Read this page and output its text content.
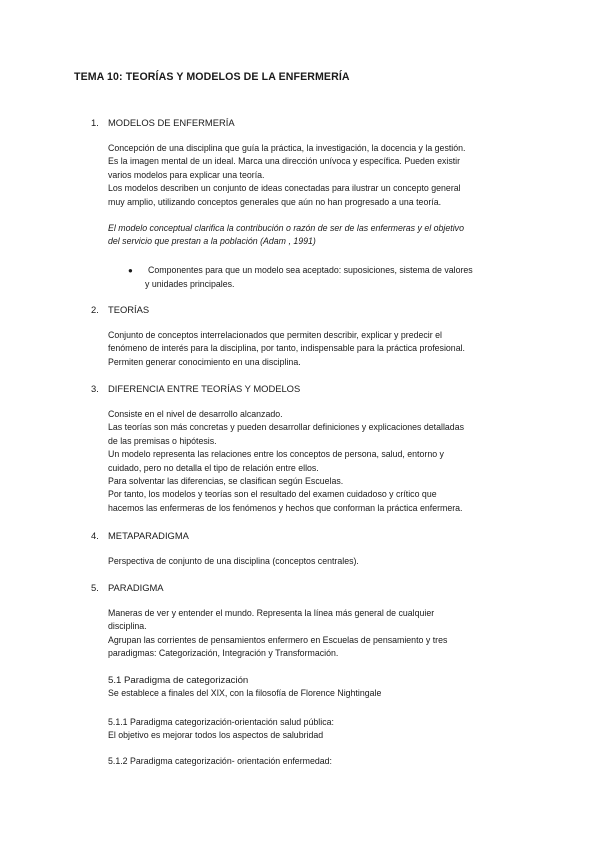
TEMA 10: TEORÍAS Y MODELOS DE LA ENFERMERÍA
1. MODELOS DE ENFERMERÍA
Concepción de una disciplina que guía la práctica, la investigación, la docencia y la gestión.
Es la imagen mental de un ideal. Marca una dirección unívoca y específica. Pueden existir
varios modelos para explicar una teoría.
Los modelos describen un conjunto de ideas conectadas para ilustrar un concepto general
muy amplio, utilizando conceptos generales que aún no han progresado a una teoría.
El modelo conceptual clarifica la contribución o razón de ser de las enfermeras y el objetivo
del servicio que prestan a la población (Adam , 1991)
● Componentes para que un modelo sea aceptado: suposiciones, sistema de valores
y unidades principales.
2. TEORÍAS
Conjunto de conceptos interrelacionados que permiten describir, explicar y predecir el
fenómeno de interés para la disciplina, por tanto, indispensable para la práctica profesional.
Permiten generar conocimiento en una disciplina.
3. DIFERENCIA ENTRE TEORÍAS Y MODELOS
Consiste en el nivel de desarrollo alcanzado.
Las teorías son más concretas y pueden desarrollar definiciones y explicaciones detalladas
de las premisas o hipótesis.
Un modelo representa las relaciones entre los conceptos de persona, salud, entorno y
cuidado, pero no detalla el tipo de relación entre ellos.
Para solventar las diferencias, se clasifican según Escuelas.
Por tanto, los modelos y teorías son el resultado del examen cuidadoso y crítico que
hacemos las enfermeras de los fenómenos y hechos que conforman la práctica enfermera.
4. METAPARADIGMA
Perspectiva de conjunto de una disciplina (conceptos centrales).
5. PARADIGMA
Maneras de ver y entender el mundo. Representa la línea más general de cualquier
disciplina.
Agrupan las corrientes de pensamientos enfermero en Escuelas de pensamiento y tres
paradigmas: Categorización, Integración y Transformación.
5.1 Paradigma de categorización
Se establece a finales del XIX, con la filosofía de Florence Nightingale
5.1.1 Paradigma categorización-orientación salud pública:
El objetivo es mejorar todos los aspectos de salubridad
5.1.2 Paradigma categorización- orientación enfermedad:
